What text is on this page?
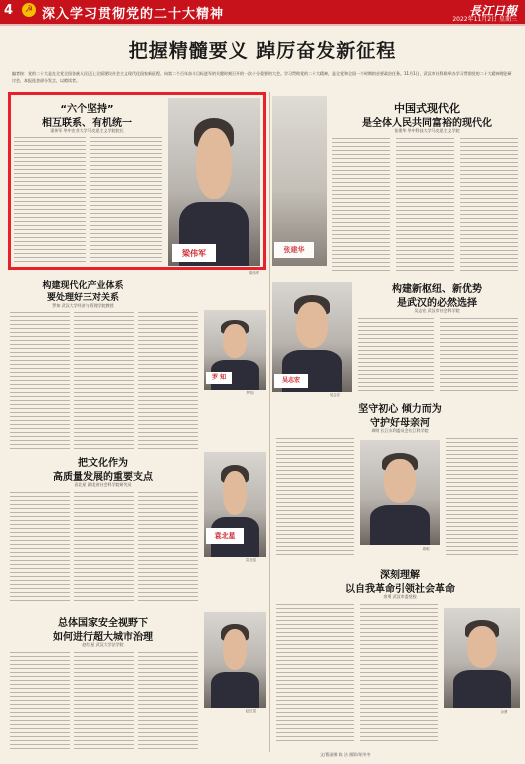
4	☭ 深入学习贯彻党的二十大精神	長江日報
2022年11月2日 星期三
把握精髓要义 踔厉奋发新征程
编者按：党的二十大是在全党全国各族人民迈上全面建设社会主义现代化国家新征程、向第二个百年奋斗目标进军的关键时刻召开的一次十分重要的大会。学习贯彻党的二十大精神，是全党和全国一个时期的首要政治任务。11月1日，武汉市社科联举办学习贯彻党的二十大精神理论研讨会，本报选登部分发言，以飨读者。
“六个坚持”
相互联系、有机统一
梁伟军 华中农业大学马克思主义学院院长
梁伟军	张建华
梁伟军
中国式现代化
是全体人民共同富裕的现代化
张建华 华中科技大学马克思主义学院
构建现代化产业体系
要处理好三对关系
罗知 武汉大学经济与管理学院教授
罗 知
罗知
吴志宏
吴志宏
构建新枢纽、新优势
是武汉的必然选择
吴志宏 武汉市社会科学院
坚守初心 倾力而为
守护好母亲河
周明 长江水利委员会长江科学院
周明
把文化作为
高质量发展的重要支点
袁北星 湖北省社会科学院研究员
袁北星
袁北星
深刻理解
以自我革命引领社会革命
余勇 武汉市委党校
余勇
总体国家安全视野下
如何进行超大城市治理
赵红星 武汉大学法学院
赵红星
文/曹丽娜 陈 洁 摄影/胡冬冬
